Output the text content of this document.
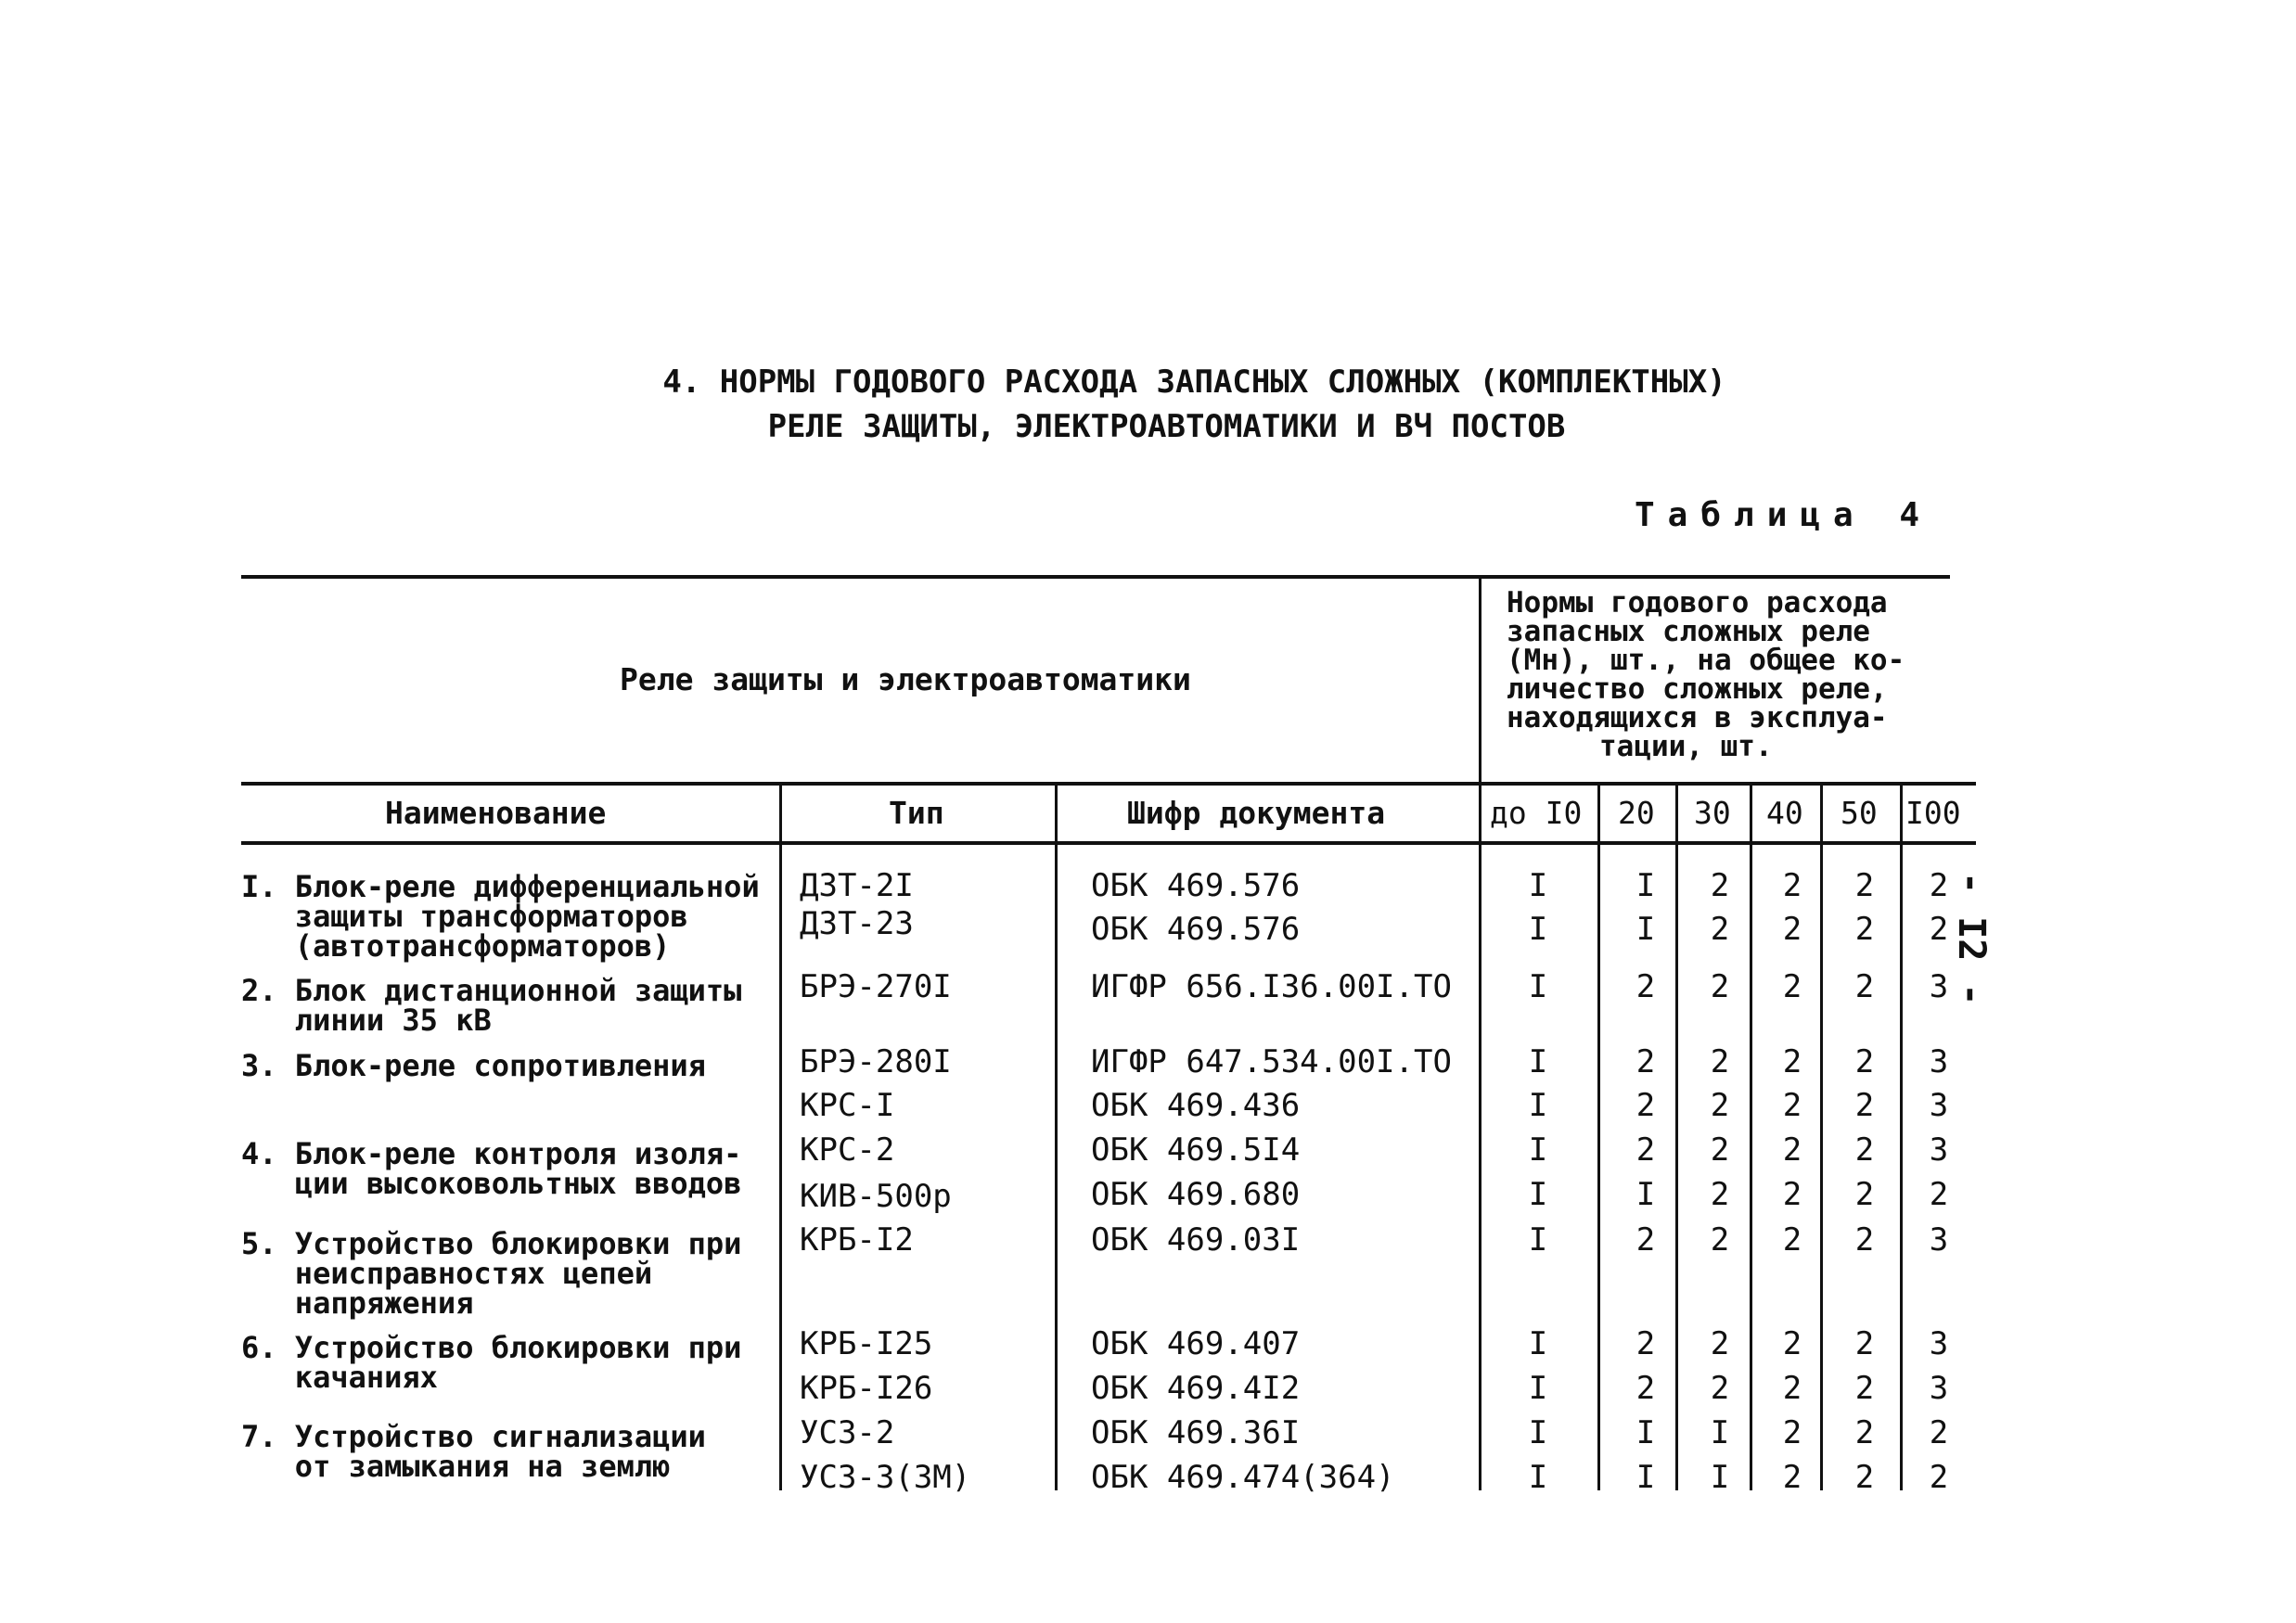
4. НОРМЫ ГОДОВОГО РАСХОДА ЗАПАСНЫХ СЛОЖНЫХ (КОМПЛЕКТНЫХ)
РЕЛЕ ЗАЩИТЫ, ЭЛЕКТРОАВТОМАТИКИ И ВЧ ПОСТОВ
Таблица 4
- I2 -
Реле защиты и электроавтоматики
Нормы годового расхода
запасных сложных реле
(Mн), шт., на общее ко-
личество сложных реле,
находящихся в эксплуа-
тации, шт.
Наименование	Тип	Шифр документа	до I0 20 30 40 50 I00
I. Блок-реле дифференциальной
защиты трансформаторов
(автотрансформаторов)
ДЗТ-2I	ОБК 469.576	I	I	2	2	2	2
ДЗТ-23	ОБК 469.576	I	I	2	2	2	2
2. Блок дистанционной защиты
линии 35 кВ
БРЭ-270I	ИГФР 656.I36.00I.ТО	I	2	2	2	2	3
3. Блок-реле сопротивления	БРЭ-280I	ИГФР 647.534.00I.ТО	I	2	2	2	2	3
КРС-I	ОБК 469.436	I	2	2	2	2	3
4. Блок-реле контроля изоля-
ции высоковольтных вводов
КРС-2	ОБК 469.5I4	I	2	2	2	2	3
КИВ-500р	ОБК 469.680	I	I	2	2	2	2
5. Устройство блокировки при
неисправностях цепей
напряжения
КРБ-I2	ОБК 469.03I	I	2	2	2	2	3
6. Устройство блокировки при
качаниях
КРБ-I25	ОБК 469.407	I	2	2	2	2	3
КРБ-I26	ОБК 469.4I2	I	2	2	2	2	3
7. Устройство сигнализации
от замыкания на землю
УСЗ-2	ОБК 469.36I	I	I	I	2	2	2
УСЗ-3(3М)	ОБК 469.474(364)	I	I	I	2	2	2
